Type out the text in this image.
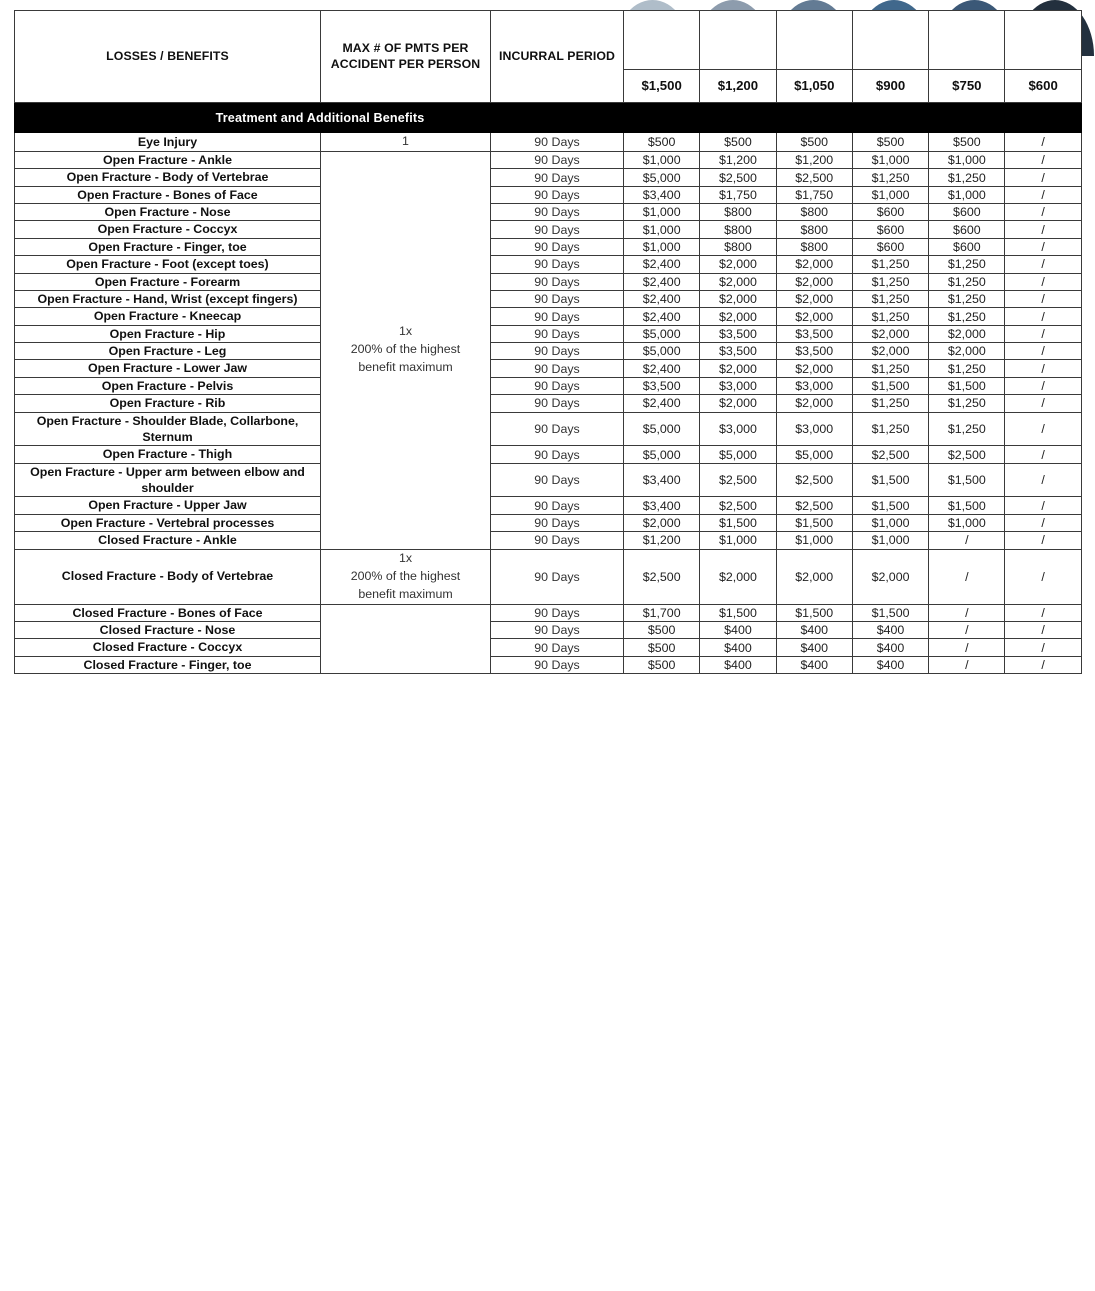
LOSSES / BENEFITS	MAX # OF PMTS PER ACCIDENT PER PERSON	INCURRAL PERIOD						
			$1,500	$1,200	$1,050	$900	$750	$600

Treatment and Additional Benefits								

Eye Injury	1	90 Days	$500	$500	$500	$500	$500	/
Open Fracture - Ankle	1x
200% of the highest
benefit maximum	90 Days	$1,000	$1,200	$1,200	$1,000	$1,000	/
Open Fracture - Body of Vertebrae		90 Days	$5,000	$2,500	$2,500	$1,250	$1,250	/
Open Fracture - Bones of Face		90 Days	$3,400	$1,750	$1,750	$1,000	$1,000	/
Open Fracture - Nose		90 Days	$1,000	$800	$800	$600	$600	/
Open Fracture - Coccyx		90 Days	$1,000	$800	$800	$600	$600	/
Open Fracture - Finger, toe		90 Days	$1,000	$800	$800	$600	$600	/
Open Fracture - Foot (except toes)		90 Days	$2,400	$2,000	$2,000	$1,250	$1,250	/
Open Fracture - Forearm		90 Days	$2,400	$2,000	$2,000	$1,250	$1,250	/
Open Fracture - Hand, Wrist (except fingers)		90 Days	$2,400	$2,000	$2,000	$1,250	$1,250	/
Open Fracture - Kneecap		90 Days	$2,400	$2,000	$2,000	$1,250	$1,250	/
Open Fracture - Hip		90 Days	$5,000	$3,500	$3,500	$2,000	$2,000	/
Open Fracture - Leg		90 Days	$5,000	$3,500	$3,500	$2,000	$2,000	/
Open Fracture - Lower Jaw		90 Days	$2,400	$2,000	$2,000	$1,250	$1,250	/
Open Fracture - Pelvis		90 Days	$3,500	$3,000	$3,000	$1,500	$1,500	/
Open Fracture - Rib		90 Days	$2,400	$2,000	$2,000	$1,250	$1,250	/
Open Fracture - Shoulder Blade, Collarbone, Sternum		90 Days	$5,000	$3,000	$3,000	$1,250	$1,250	/
Open Fracture - Thigh		90 Days	$5,000	$5,000	$5,000	$2,500	$2,500	/
Open Fracture - Upper arm between elbow and shoulder		90 Days	$3,400	$2,500	$2,500	$1,500	$1,500	/
Open Fracture - Upper Jaw		90 Days	$3,400	$2,500	$2,500	$1,500	$1,500	/
Open Fracture - Vertebral processes		90 Days	$2,000	$1,500	$1,500	$1,000	$1,000	/
Closed Fracture - Ankle		90 Days	$1,200	$1,000	$1,000	$1,000	/	/
Closed Fracture - Body of Vertebrae	1x
200% of the highest
benefit maximum	90 Days	$2,500	$2,000	$2,000	$2,000	/	/
Closed Fracture - Bones of Face		90 Days	$1,700	$1,500	$1,500	$1,500	/	/
Closed Fracture - Nose		90 Days	$500	$400	$400	$400	/	/
Closed Fracture - Coccyx		90 Days	$500	$400	$400	$400	/	/
Closed Fracture - Finger, toe		90 Days	$500	$400	$400	$400	/	/
